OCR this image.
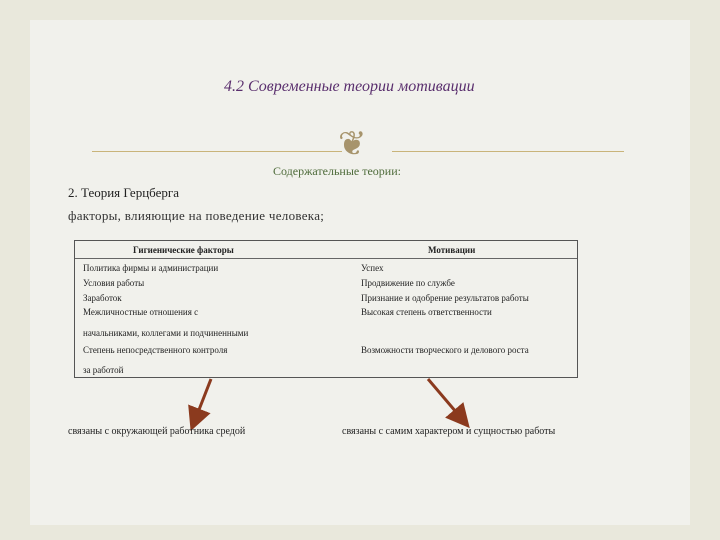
4.2 Современные теории мотивации
❦
Содержательные теории:
2. Теория Герцберга
факторы, влияющие на поведение человека;
Гигиенические факторы	Мотивации
Политика фирмы и администрации
Условия работы
Заработок
Межличностные отношения с
начальниками, коллегами и подчиненными
Степень непосредственного контроля
за работой
Успех
Продвижение по службе
Признание и одобрение результатов работы
Высокая степень ответственности
Возможности творческого и делового роста
связаны с окружающей работника средой	связаны с самим характером и сущностью работы
